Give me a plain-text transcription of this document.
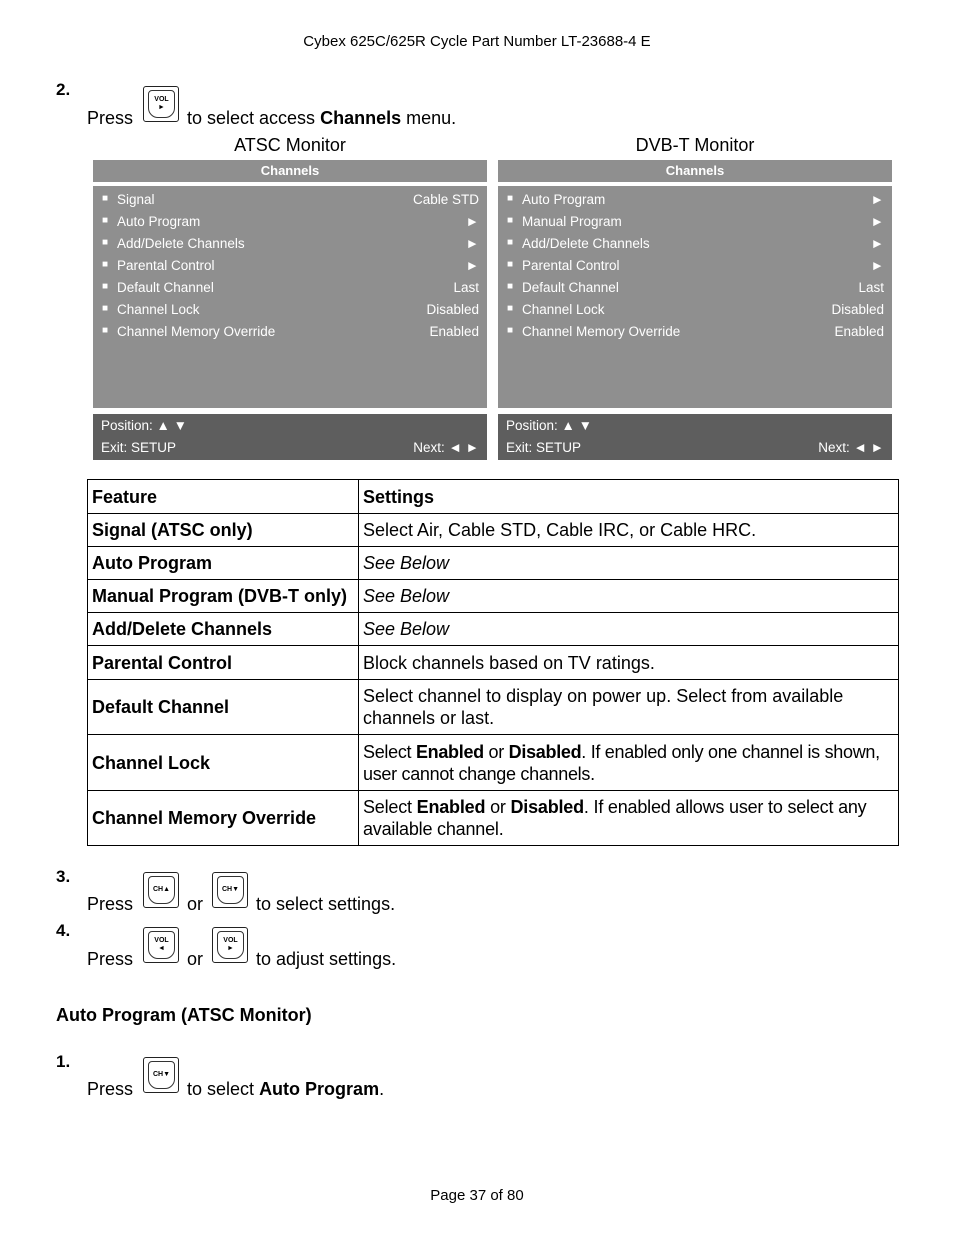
Cybex 625C/625R Cycle Part Number LT-23688-4 E
2.
Press
VOL
►
to select access Channels menu.
ATSC Monitor	DVB-T Monitor
Channels
■ Signal	Cable STD
■ Auto Program	►
■ Add/Delete Channels	►
■ Parental Control	►
■ Default Channel	Last
■ Channel Lock	Disabled
■ Channel Memory Override	Enabled
Position: ▲ ▼
Exit: SETUP	Next: ◄ ►
Channels
■ Auto Program	►
■ Manual Program	►
■ Add/Delete Channels	►
■ Parental Control	►
■ Default Channel	Last
■ Channel Lock	Disabled
■ Channel Memory Override	Enabled
Position: ▲ ▼
Exit: SETUP	Next: ◄ ►
Feature	Settings
Signal (ATSC only)	Select Air, Cable STD, Cable IRC, or Cable HRC.
Auto Program	See Below
Manual Program (DVB-T only)	See Below
Add/Delete Channels	See Below
Parental Control	Block channels based on TV ratings.
Default Channel	Select channel to display on power up. Select from available channels or last.
Channel Lock	Select Enabled or Disabled. If enabled only one channel is shown, user cannot change channels.
Channel Memory Override	Select Enabled or Disabled. If enabled allows user to select any available channel.
3.
Press
CH▲
or
CH▼
to select settings.
4.
Press
VOL
◄
or
VOL
►
to adjust settings.
Auto Program (ATSC Monitor)
1.
Press
CH▼
to select Auto Program.
Page 37 of 80
